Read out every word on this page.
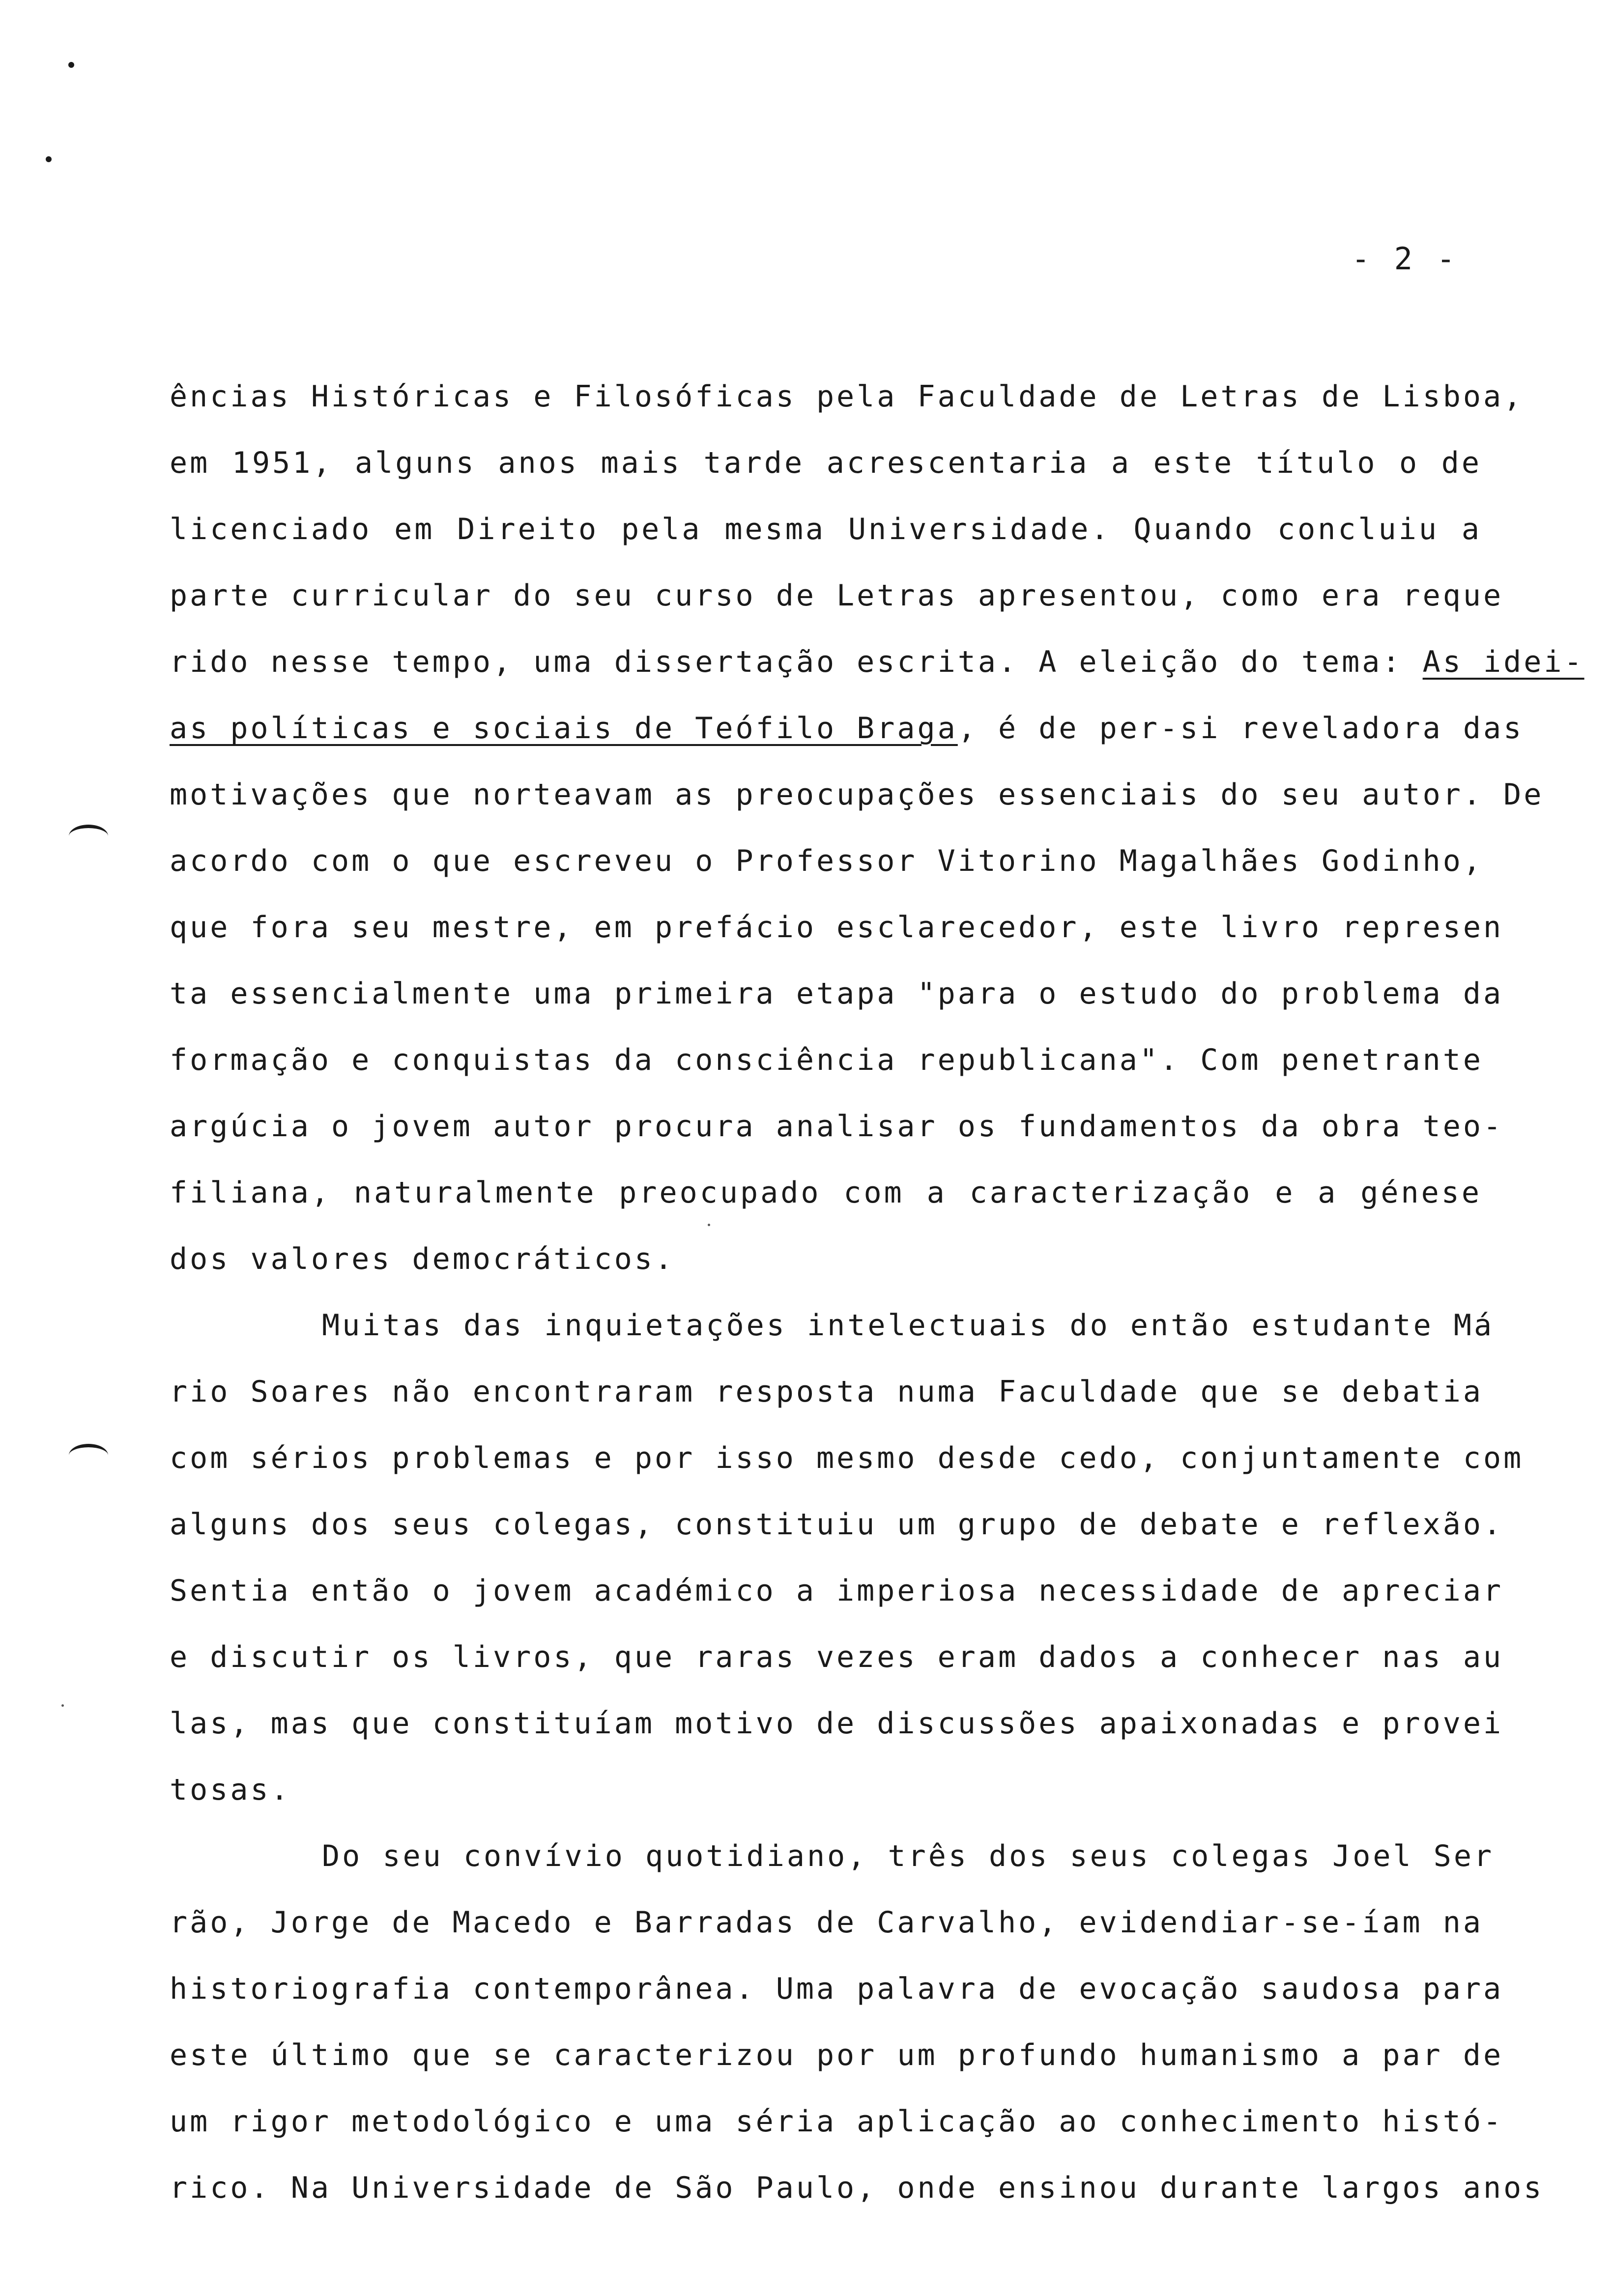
- 2 -
ências Históricas e Filosóficas pela Faculdade de Letras de Lisboa,
em 1951, alguns anos mais tarde acrescentaria a este título o de
licenciado em Direito pela mesma Universidade. Quando concluiu a
parte curricular do seu curso de Letras apresentou, como era reque
rido nesse tempo, uma dissertação escrita. A eleição do tema: As idei-
as políticas e sociais de Teófilo Braga, é de per-si reveladora das
motivações que norteavam as preocupações essenciais do seu autor. De
acordo com o que escreveu o Professor Vitorino Magalhães Godinho,
que fora seu mestre, em prefácio esclarecedor, este livro represen
ta essencialmente uma primeira etapa "para o estudo do problema da
formação e conquistas da consciência republicana". Com penetrante
argúcia o jovem autor procura analisar os fundamentos da obra teo-
filiana, naturalmente preocupado com a caracterização e a génese
dos valores democráticos.
Muitas das inquietações intelectuais do então estudante Má
rio Soares não encontraram resposta numa Faculdade que se debatia
com sérios problemas e por isso mesmo desde cedo, conjuntamente com
alguns dos seus colegas, constituiu um grupo de debate e reflexão.
Sentia então o jovem académico a imperiosa necessidade de apreciar
e discutir os livros, que raras vezes eram dados a conhecer nas au
las, mas que constituíam motivo de discussões apaixonadas e provei
tosas.
Do seu convívio quotidiano, três dos seus colegas Joel Ser
rão, Jorge de Macedo e Barradas de Carvalho, evidendiar-se-íam na
historiografia contemporânea. Uma palavra de evocação saudosa para
este último que se caracterizou por um profundo humanismo a par de
um rigor metodológico e uma séria aplicação ao conhecimento histó-
rico. Na Universidade de São Paulo, onde ensinou durante largos anos
